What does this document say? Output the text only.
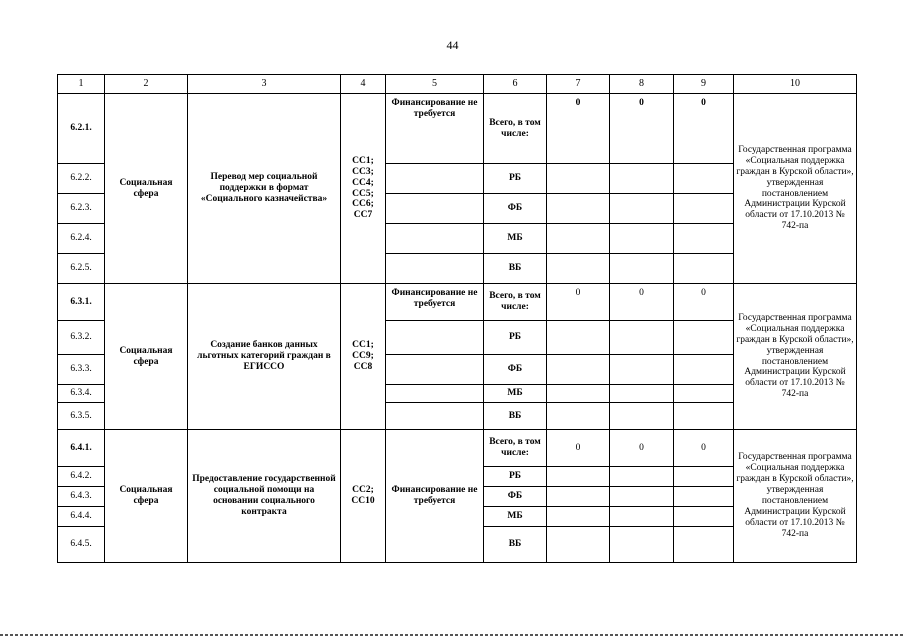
44
1	2	3	4	5	6	7	8	9	10
6.2.1.	Социальная сфера	Перевод мер социальной поддержки в формат «Социального казначейства»	СС1; СС3; СС4; СС5; СС6; СС7	Финансирование не требуется	Всего, в том числе:	0	0	0	Государственная программа «Социальная поддержка граждан в Курской области», утвержденная постановлением Администрации Курской области от 17.10.2013 № 742-па
6.2.2.					РБ				
6.2.3.					ФБ				
6.2.4.					МБ				
6.2.5.					ВБ				
6.3.1.	Социальная сфера	Создание банков данных льготных категорий граждан в ЕГИССО	СС1; СС9; СС8	Финансирование не требуется	Всего, в том числе:	0	0	0	Государственная программа «Социальная поддержка граждан в Курской области», утвержденная постановлением Администрации Курской области от 17.10.2013 № 742-па
6.3.2.					РБ				
6.3.3.					ФБ				
6.3.4.					МБ				
6.3.5.					ВБ				
6.4.1.	Социальная сфера	Предоставление государственной социальной помощи на основании социального контракта	СС2; СС10	Финансирование не требуется	Всего, в том числе:	0	0	0	Государственная программа «Социальная поддержка граждан в Курской области», утвержденная постановлением Администрации Курской области от 17.10.2013 № 742-па
6.4.2.					РБ				
6.4.3.					ФБ				
6.4.4.					МБ				
6.4.5.					ВБ				
